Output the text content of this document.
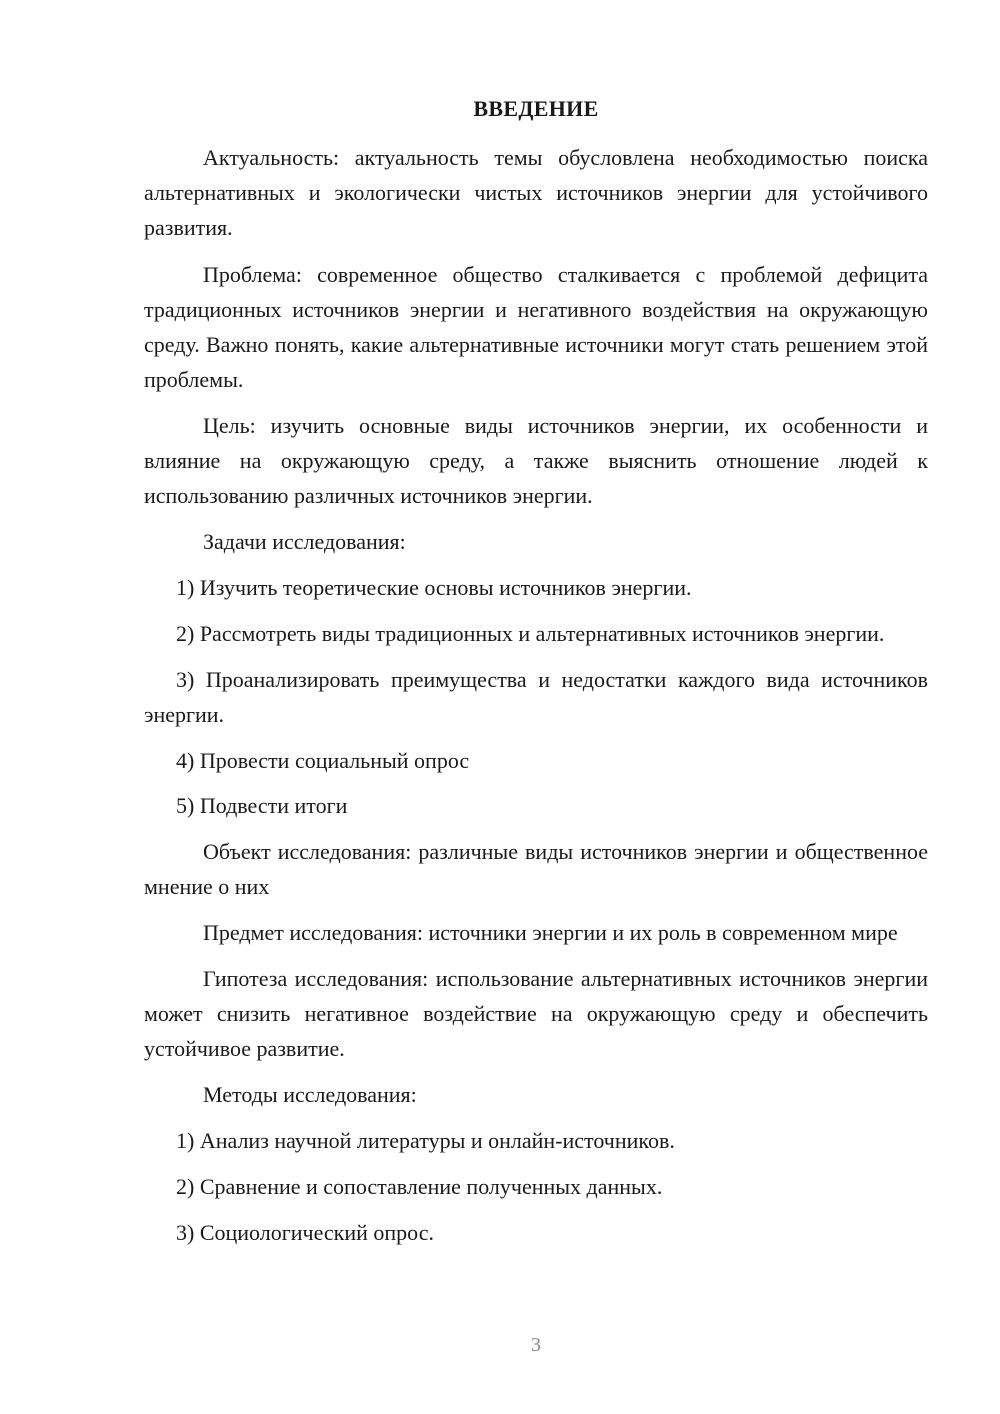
ВВЕДЕНИЕ

Актуальность: актуальность темы обусловлена необходимостью поиска альтернативных и экологически чистых источников энергии для устойчивого развития.

Проблема: современное общество сталкивается с проблемой дефицита традиционных источников энергии и негативного воздействия на окружающую среду. Важно понять, какие альтернативные источники могут стать решением этой проблемы.

Цель: изучить основные виды источников энергии, их особенности и влияние на окружающую среду, а также выяснить отношение людей к использованию различных источников энергии.

Задачи исследования:

1) Изучить теоретические основы источников энергии.

2) Рассмотреть виды традиционных и альтернативных источников энергии.

3) Проанализировать преимущества и недостатки каждого вида источников энергии.

4) Провести социальный опрос

5) Подвести итоги

Объект исследования: различные виды источников энергии и общественное мнение о них

Предмет исследования: источники энергии и их роль в современном мире

Гипотеза исследования: использование альтернативных источников энергии может снизить негативное воздействие на окружающую среду и обеспечить устойчивое развитие.

Методы исследования:

1) Анализ научной литературы и онлайн-источников.

2) Сравнение и сопоставление полученных данных.

3) Социологический опрос.

3
